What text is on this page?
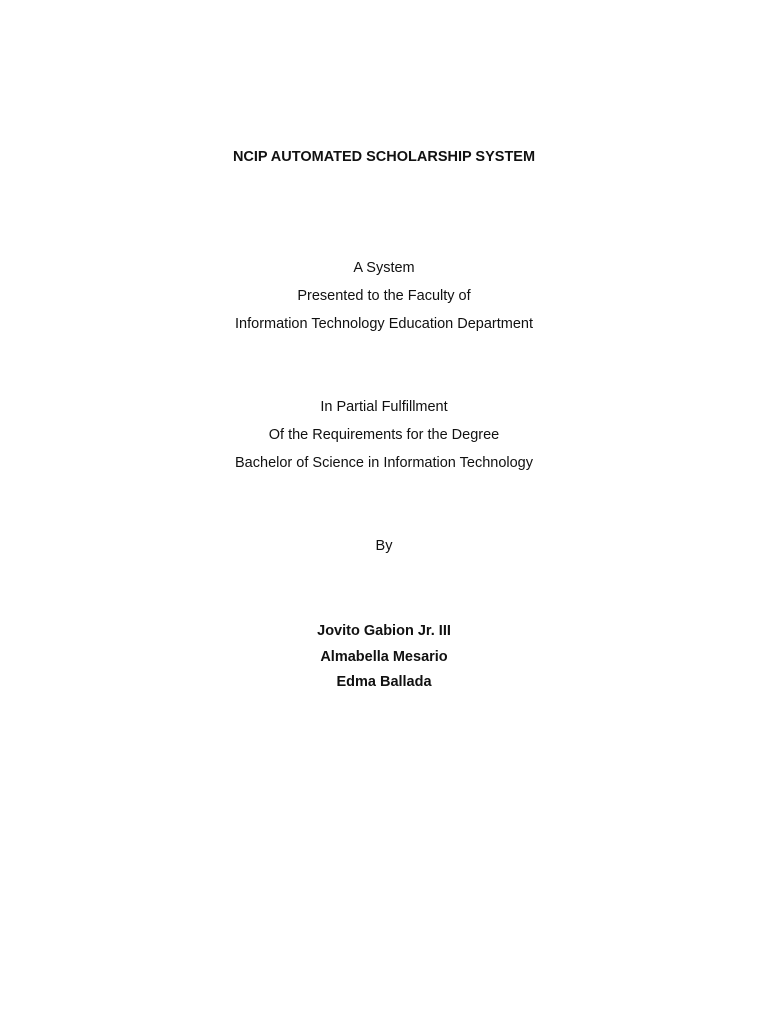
NCIP AUTOMATED SCHOLARSHIP SYSTEM
A System
Presented to the Faculty of
Information Technology Education Department
In Partial Fulfillment
Of the Requirements for the Degree
Bachelor of Science in Information Technology
By
Jovito Gabion Jr. III
Almabella Mesario
Edma Ballada
